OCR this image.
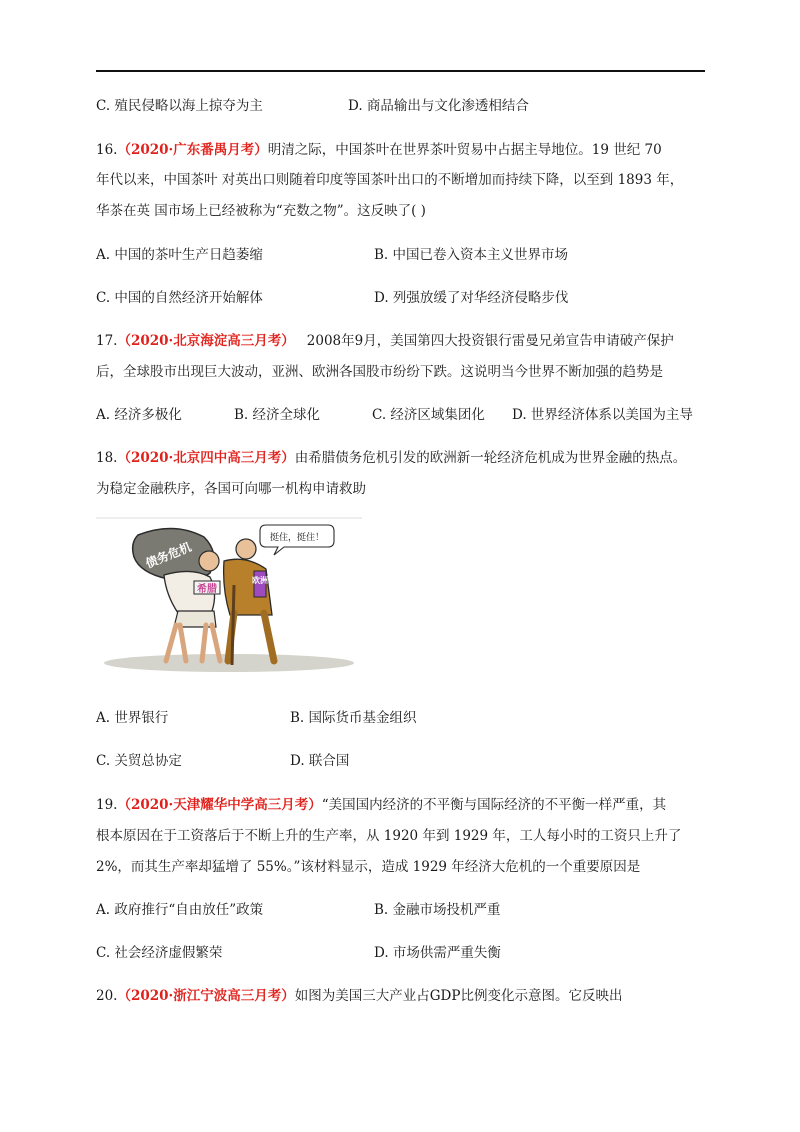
C. 殖民侵略以海上掠夺为主	D. 商品输出与文化渗透相结合
16.（2020·广东番禺月考）明清之际，中国茶叶在世界茶叶贸易中占据主导地位。19 世纪 70
年代以来，中国茶叶 对英出口则随着印度等国茶叶出口的不断增加而持续下降，以至到 1893 年，
华茶在英 国市场上已经被称为“充数之物”。这反映了( )
A. 中国的茶叶生产日趋萎缩	B. 中国已卷入资本主义世界市场
C. 中国的自然经济开始解体	D. 列强放缓了对华经济侵略步伐
17.（2020·北京海淀高三月考） 2008年9月，美国第四大投资银行雷曼兄弟宣告申请破产保护
后，全球股市出现巨大波动，亚洲、欧洲各国股市纷纷下跌。这说明当今世界不断加强的趋势是
A. 经济多极化	B. 经济全球化	C. 经济区域集团化 D. 世界经济体系以美国为主导
18.（2020·北京四中高三月考）由希腊债务危机引发的欧洲新一轮经济危机成为世界金融的热点。
为稳定金融秩序，各国可向哪一机构申请救助
债务危机
希腊
欧洲
挺住，挺住！
A. 世界银行	B. 国际货币基金组织
C. 关贸总协定	D. 联合国
19.（2020·天津耀华中学高三月考）“美国国内经济的不平衡与国际经济的不平衡一样严重，其
根本原因在于工资落后于不断上升的生产率，从 1920 年到 1929 年，工人每小时的工资只上升了
2%，而其生产率却猛增了 55%。”该材料显示，造成 1929 年经济大危机的一个重要原因是
A. 政府推行“自由放任”政策	B. 金融市场投机严重
C. 社会经济虚假繁荣	D. 市场供需严重失衡
20.（2020·浙江宁波高三月考）如图为美国三大产业占GDP比例变化示意图。它反映出
